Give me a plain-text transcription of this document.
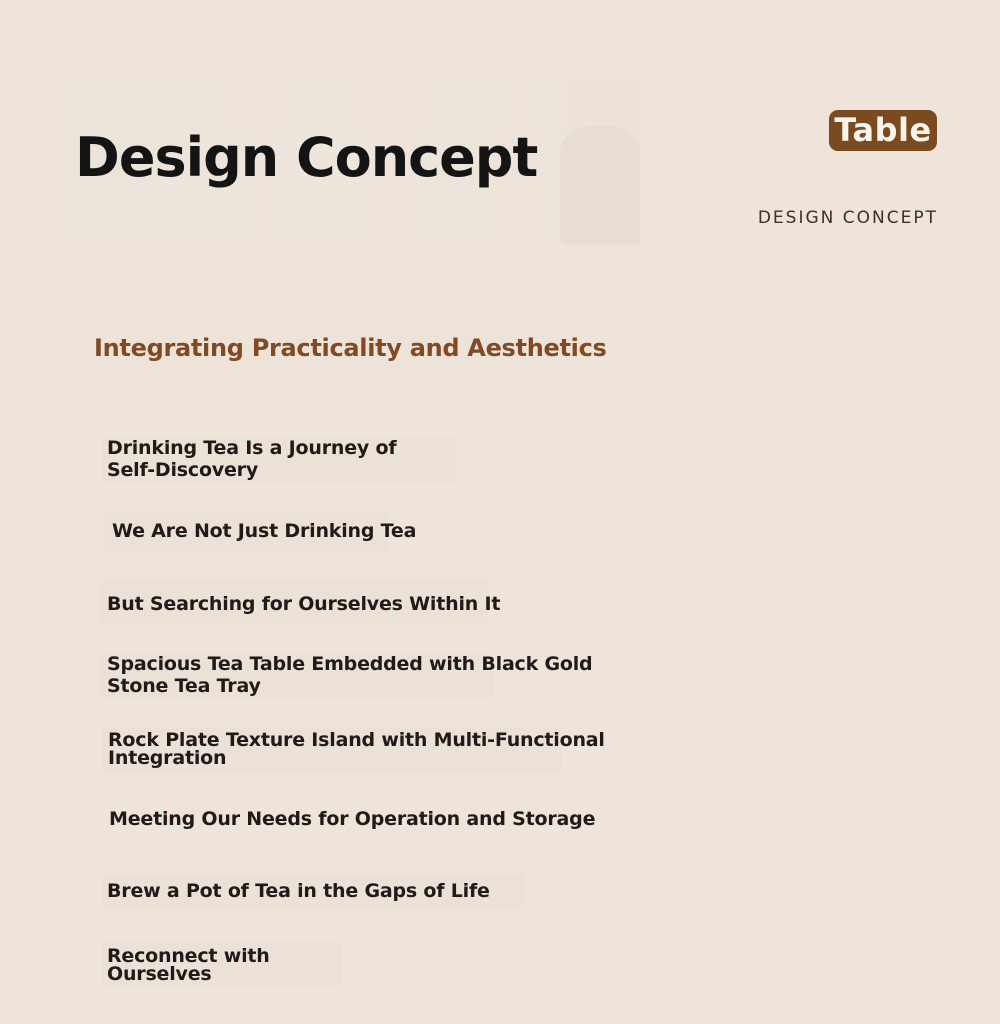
Design Concept	Table
DESIGN CONCEPT
Integrating Practicality and Aesthetics

Drinking Tea Is a Journey of
Self-Discovery

We Are Not Just Drinking Tea

But Searching for Ourselves Within It

Spacious Tea Table Embedded with Black Gold
Stone Tea Tray

Rock Plate Texture Island with Multi-Functional
Integration

Meeting Our Needs for Operation and Storage

Brew a Pot of Tea in the Gaps of Life

Reconnect with
Ourselves
